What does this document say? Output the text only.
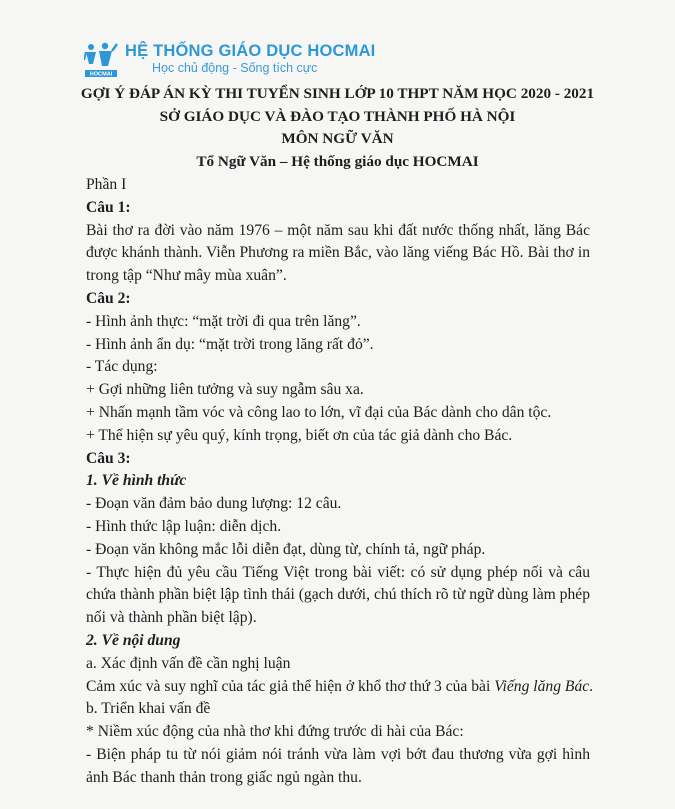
HOCMAI
HỆ THỐNG GIÁO DỤC HOCMAI
Học chủ động - Sống tích cực
GỢI Ý ĐÁP ÁN KỲ THI TUYỂN SINH LỚP 10 THPT NĂM HỌC 2020 - 2021
SỞ GIÁO DỤC VÀ ĐÀO TẠO THÀNH PHỐ HÀ NỘI
MÔN NGỮ VĂN
Tổ Ngữ Văn – Hệ thống giáo dục HOCMAI

Phần I

Câu 1:

Bài thơ ra đời vào năm 1976 – một năm sau khi đất nước thống nhất, lăng Bác được khánh thành. Viễn Phương ra miền Bắc, vào lăng viếng Bác Hồ. Bài thơ in trong tập “Như mây mùa xuân”.

Câu 2:

- Hình ảnh thực: “mặt trời đi qua trên lăng”.

- Hình ảnh ẩn dụ: “mặt trời trong lăng rất đỏ”.

- Tác dụng:

+ Gợi những liên tưởng và suy ngẫm sâu xa.

+ Nhấn mạnh tầm vóc và công lao to lớn, vĩ đại của Bác dành cho dân tộc.

+ Thể hiện sự yêu quý, kính trọng, biết ơn của tác giả dành cho Bác.

Câu 3:

1. Về hình thức

- Đoạn văn đảm bảo dung lượng: 12 câu.

- Hình thức lập luận: diễn dịch.

- Đoạn văn không mắc lỗi diễn đạt, dùng từ, chính tả, ngữ pháp.

- Thực hiện đủ yêu cầu Tiếng Việt trong bài viết: có sử dụng phép nối và câu chứa thành phần biệt lập tình thái (gạch dưới, chú thích rõ từ ngữ dùng làm phép nối và thành phần biệt lập).

2. Về nội dung

a. Xác định vấn đề cần nghị luận

Cảm xúc và suy nghĩ của tác giả thể hiện ở khổ thơ thứ 3 của bài Viếng lăng Bác.

b. Triển khai vấn đề

* Niềm xúc động của nhà thơ khi đứng trước di hài của Bác:

- Biện pháp tu từ nói giảm nói tránh vừa làm vợi bớt đau thương vừa gợi hình ảnh Bác thanh thản trong giấc ngủ ngàn thu.
